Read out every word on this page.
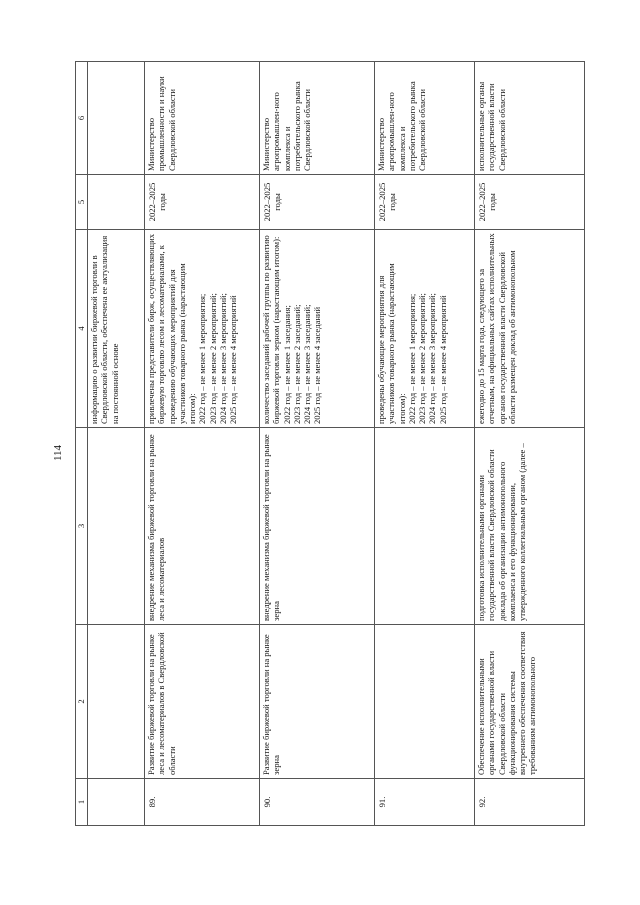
114
1	2	3	4	5	6

			информацию о развитии биржевой торговли в Свердловской области, обеспечена ее актуализация на постоянной основе		

89.	Развитие биржевой торговли на рынке леса и лесоматериалов в Свердловской области	внедрение механизма биржевой торговли на рынке леса и лесоматериалов	привлечены представители бирж, осуществляющих биржевую торговлю лесом и лесоматериалами, к проведению обучающих мероприятий для участников товарного рынка (нарастающим итогом):
2022 год – не менее 1 мероприятия;
2023 год – не менее 2 мероприятий;
2024 год – не менее 3 мероприятий;
2025 год – не менее 4 мероприятий	2022–2025 годы	Министерство промышленности и науки Свердловской области
90.	Развитие биржевой торговли на рынке зерна	внедрение механизма биржевой торговли на рынке зерна	количество заседаний рабочей группы по развитию биржевой торговли зерном (нарастающим итогом):
2022 год – не менее 1 заседания;
2023 год – не менее 2 заседаний;
2024 год – не менее 3 заседаний;
2025 год – не менее 4 заседаний	2022–2025 годы	Министерство агропромышлен-ного комплекса и потребительского рынка Свердловской области
91.			проведены обучающие мероприятия для участников товарного рынка (нарастающим итогом):
2022 год – не менее 1 мероприятия;
2023 год – не менее 2 мероприятий;
2024 год – не менее 3 мероприятий;
2025 год – не менее 4 мероприятий	2022–2025 годы	Министерство агропромышлен-ного комплекса и потребительского рынка Свердловской области
92.	Обеспечение исполнительными органами государственной власти Свердловской области функционирования системы внутреннего обеспечения соответствия требованиям антимонопольного	подготовка исполнительными органами государственной власти Свердловской области доклада об организации антимонопольного комплаенса и его функционировании, утвержденного коллегиальным органом (далее –	ежегодно до 15 марта года, следующего за отчетным, на официальных сайтах исполнительных органов государственной власти Свердловской области размещен доклад об антимонопольном	2022–2025 годы	исполнительные органы государственной власти Свердловской области
